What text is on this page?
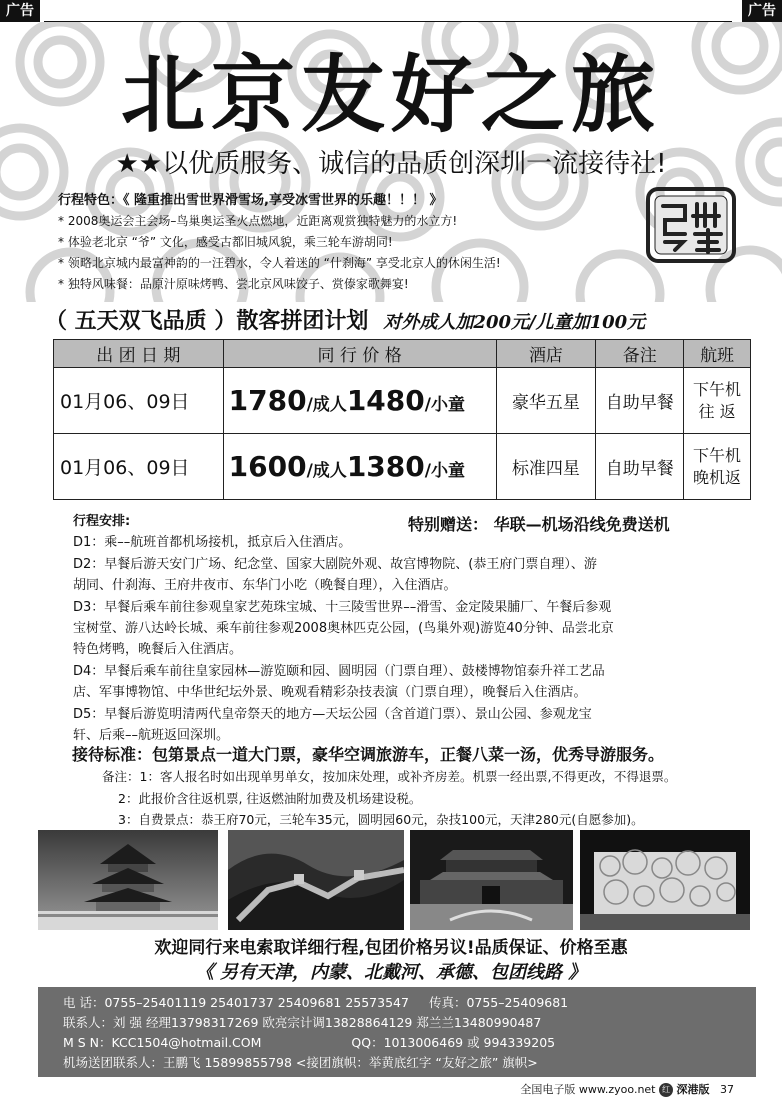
广告	广告
北京友好之旅
★★以优质服务、诚信的品质创深圳一流接待社!
行程特色：《 隆重推出雪世界滑雪场,享受冰雪世界的乐趣！！！ 》
* 2008奥运会主会场–鸟巢奥运圣火点燃地，近距离观赏独特魅力的水立方!
* 体验老北京 “爷” 文化，感受古都旧城风貌，乘三轮车游胡同!
* 领略北京城内最富神韵的一汪碧水，令人着迷的 “什刹海” 享受北京人的休闲生活!
* 独特风味餐：品原汁原味烤鸭、尝北京风味饺子、赏傣家歌舞宴!
（ 五天双飞品质 ）散客拼团计划 对外成人加200元/儿童加100元
出 团 日 期	同 行 价 格	酒店	备注	航班
01月06、09日	1780/成人1480/小童	豪华五星	自助早餐	下午机
往 返

01月06、09日	1600/成人1380/小童	标准四星	自助早餐	下午机
晚机返
特别赠送： 华联—机场沿线免费送机
行程安排:
D1：乘––航班首都机场接机，抵京后入住酒店。
D2：早餐后游天安门广场、纪念堂、国家大剧院外观、故宫博物院、(恭王府门票自理）、游
胡同、什刹海、王府井夜市、东华门小吃（晚餐自理），入住酒店。
D3：早餐后乘车前往参观皇家艺苑珠宝城、十三陵雪世界––滑雪、金定陵果脯厂、午餐后参观
宝树堂、游八达岭长城、乘车前往参观2008奥林匹克公园，(鸟巢外观)游览40分钟、品尝北京
特色烤鸭，晚餐后入住酒店。
D4：早餐后乘车前往皇家园林—游览颐和园、圆明园（门票自理）、鼓楼博物馆泰升祥工艺品
店、军事博物馆、中华世纪坛外景、晚观看精彩杂技表演（门票自理），晚餐后入住酒店。
D5：早餐后游览明清两代皇帝祭天的地方—天坛公园（含首道门票）、景山公园、参观龙宝
轩、后乘––航班返回深圳。
接待标准：包第景点一道大门票，豪华空调旅游车，正餐八菜一汤，优秀导游服务。
备注：1：客人报名时如出现单男单女，按加床处理，或补齐房差。机票一经出票,不得更改，不得退票。
2：此报价含往返机票, 往返燃油附加费及机场建设税。
3：自费景点：恭王府70元，三轮车35元，圆明园60元，杂技100元，天津280元(自愿参加)。
欢迎同行来电索取详细行程,包团价格另议!品质保证、价格至惠
《 另有天津，内蒙、北戴河、承德、包团线路 》
电 话：0755–25401119 25401737 25409681 25573547 传真：0755–25409681
联系人：刘 强 经理13798317269 欧亮宗计调13828864129 郑兰兰13480990487
M S N：KCC1504@hotmail.COM	QQ：1013006469 或 994339205
机场送团联系人：王鹏飞 15899855798 <接团旗帜：举黄底红字 “友好之旅” 旗帜>
全国电子版 www.zyoo.net 红 深港版 37
